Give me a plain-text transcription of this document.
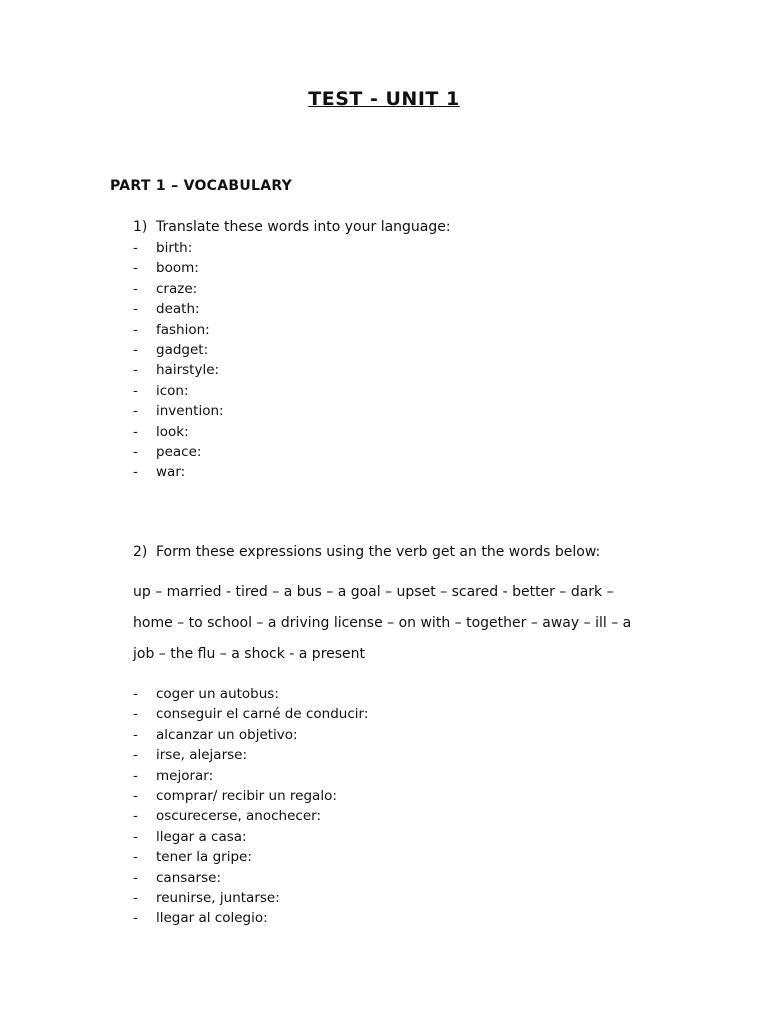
TEST - UNIT 1
PART 1 – VOCABULARY
1) Translate these words into your language:
- birth:
- boom:
- craze:
- death:
- fashion:
- gadget:
- hairstyle:
- icon:
- invention:
- look:
- peace:
- war:
2) Form these expressions using the verb get an the words below:

up – married - tired – a bus – a goal – upset – scared - better – dark –

home – to school – a driving license – on with – together – away – ill – a

job – the flu – a shock - a present

- coger un autobus:
- conseguir el carné de conducir:
- alcanzar un objetivo:
- irse, alejarse:
- mejorar:
- comprar/ recibir un regalo:
- oscurecerse, anochecer:
- llegar a casa:
- tener la gripe:
- cansarse:
- reunirse, juntarse:
- llegar al colegio:
